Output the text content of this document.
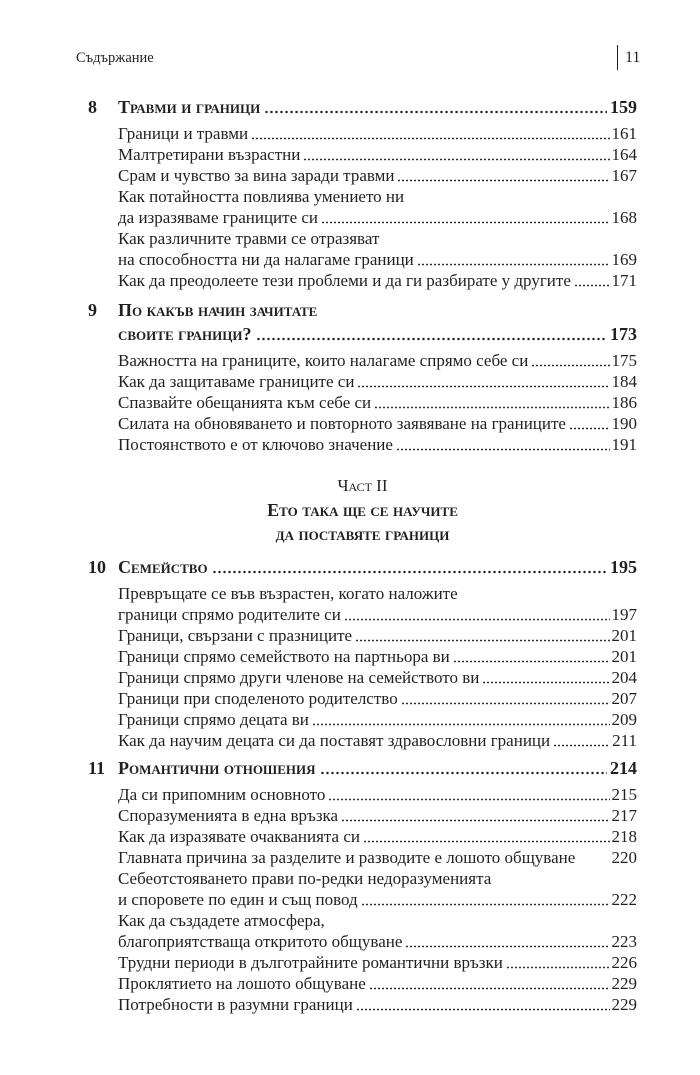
Съдържание	11
8	Травми и граници	159
Граници и травми	161
Малтретирани възрастни	164
Срам и чувство за вина заради травми	167
Как потайността повлиява умението ни
да изразяваме границите си	168
Как различните травми се отразяват
на способността ни да налагаме граници	169
Как да преодолеете тези проблеми и да ги разбирате у другите 171
9	По какъв начин зачитате
своите граници?	173
Важността на границите, които налагаме спрямо себе си	175
Как да защитаваме границите си	184
Спазвайте обещанията към себе си	186
Силата на обновяването и повторното заявяване на границите	190
Постоянството е от ключово значение	191
Част II
Ето така ще се научите
да поставяте граници
10 Семейство	195
Превръщате се във възрастен, когато наложите
граници спрямо родителите си	197
Граници, свързани с празниците	201
Граници спрямо семейството на партньора ви	201
Граници спрямо други членове на семейството ви	204
Граници при споделеното родителство	207
Граници спрямо децата ви	209
Как да научим децата си да поставят здравословни граници	211
11 Романтични отношения	214
Да си припомним основното	215
Споразуменията в една връзка	217
Как да изразявате очакванията си	218
Главната причина за разделите и разводите е лошото общуване 220
Себеотстояването прави по-редки недоразуменията
и споровете по един и същ повод	222
Как да създадете атмосфера,
благоприятстваща откритото общуване	223
Трудни периоди в дълготрайните романтични връзки	226
Проклятието на лошото общуване	229
Потребности в разумни граници	229
